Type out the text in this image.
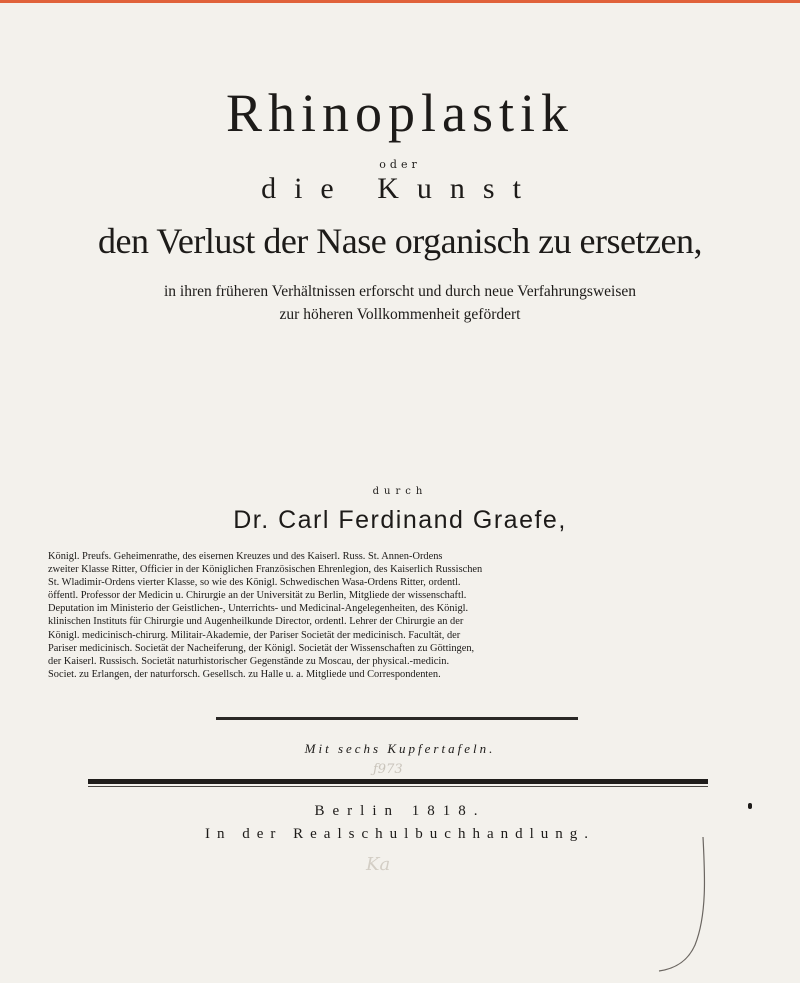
Rhinoplastik
oder
die Kunst
den Verlust der Nase organisch zu ersetzen,
in ihren früheren Verhältnissen erforscht und durch neue Verfahrungsweisen
zur höheren Vollkommenheit gefördert
durch
Dr. Carl Ferdinand Graefe,
Königl. Preufs. Geheimenrathe, des eisernen Kreuzes und des Kaiserl. Russ. St. Annen-Ordens
zweiter Klasse Ritter, Officier in der Königlichen Französischen Ehrenlegion, des Kaiserlich Russischen
St. Wladimir-Ordens vierter Klasse, so wie des Königl. Schwedischen Wasa-Ordens Ritter, ordentl.
öffentl. Professor der Medicin u. Chirurgie an der Universität zu Berlin, Mitgliede der wissenschaftl.
Deputation im Ministerio der Geistlichen-, Unterrichts- und Medicinal-Angelegenheiten, des Königl.
klinischen Instituts für Chirurgie und Augenheilkunde Director, ordentl. Lehrer der Chirurgie an der
Königl. medicinisch-chirurg. Militair-Akademie, der Pariser Societät der medicinisch. Facultät, der
Pariser medicinisch. Societät der Nacheiferung, der Königl. Societät der Wissenschaften zu Göttingen,
der Kaiserl. Russisch. Societät naturhistorischer Gegenstände zu Moscau, der physical.-medicin.
Societ. zu Erlangen, der naturforsch. Gesellsch. zu Halle u. a. Mitgliede und Correspondenten.
Mit sechs Kupfertafeln.
ƒ973
Berlin 1818.
In der Realschulbuchhandlung.
Ka
